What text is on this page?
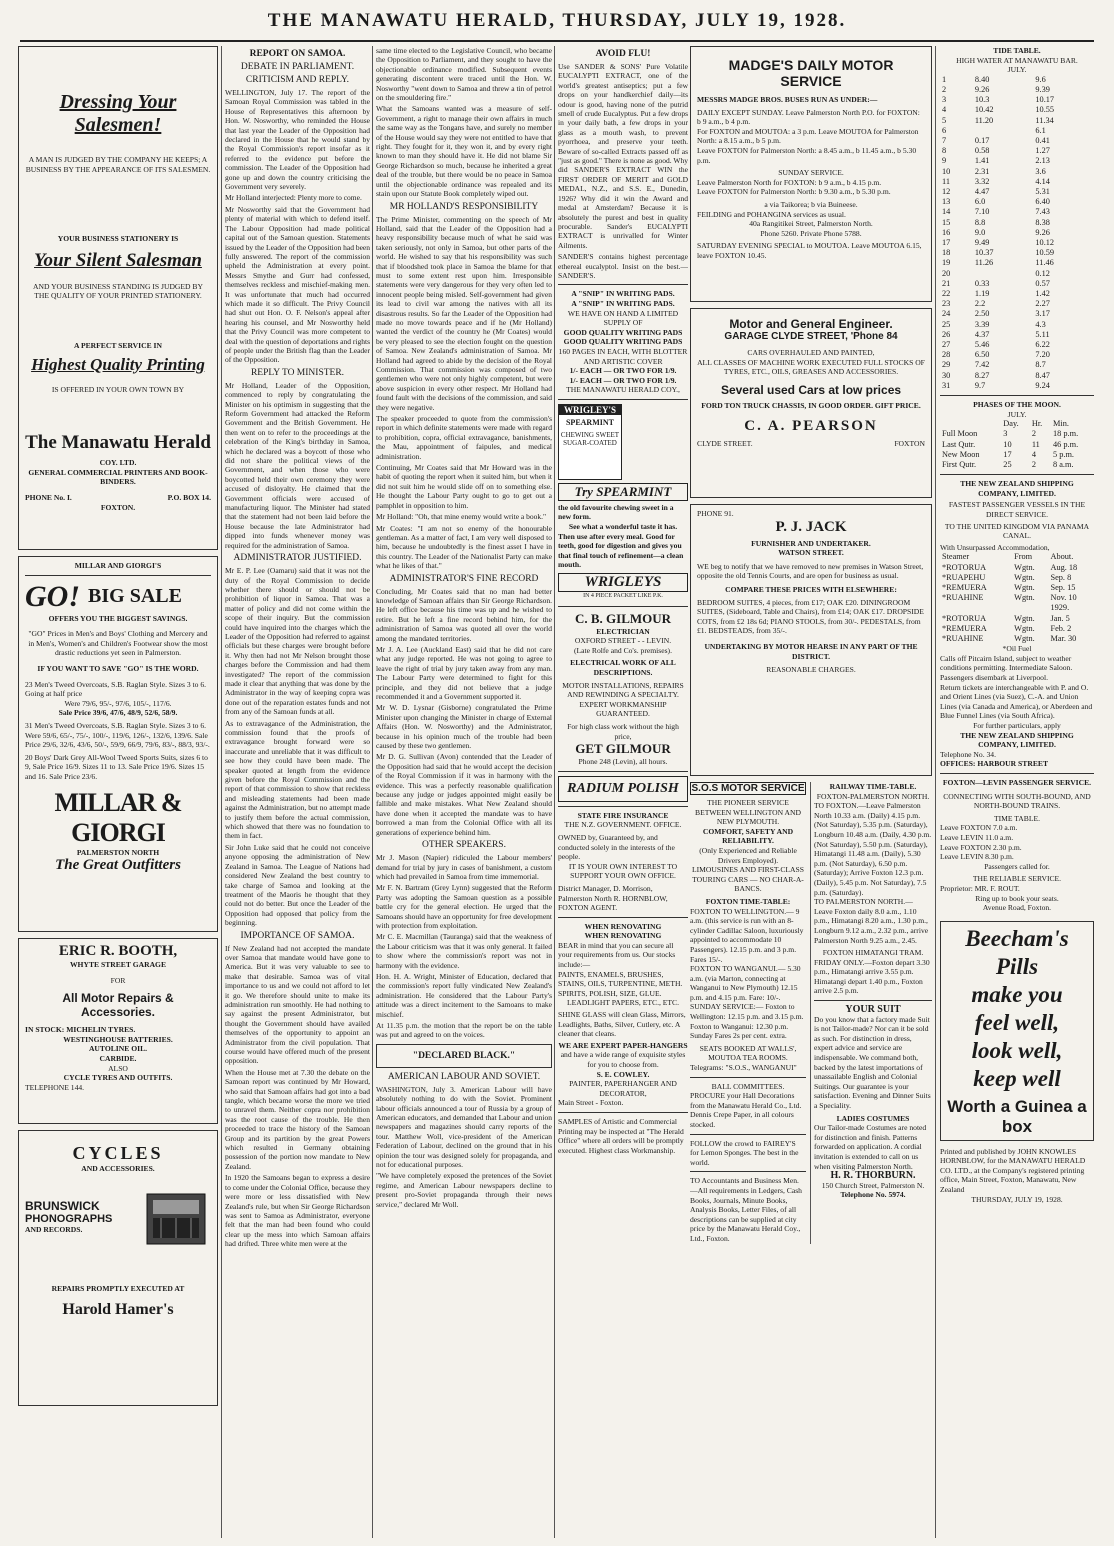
THE MANAWATU HERALD, THURSDAY, JULY 19, 1928.
Dressing Your Salesmen!
A MAN IS JUDGED BY THE COMPANY HE KEEPS; A BUSINESS BY THE APPEARANCE OF ITS SALESMEN.
YOUR BUSINESS STATIONERY IS
Your Silent Salesman
AND YOUR BUSINESS STANDING IS JUDGED BY THE QUALITY OF YOUR PRINTED STATIONERY.
A PERFECT SERVICE IN
Highest Quality Printing
IS OFFERED IN YOUR OWN TOWN BY
The Manawatu Herald
COY. LTD.
GENERAL COMMERCIAL PRINTERS AND BOOK-BINDERS.
PHONE No. I.	P.O. BOX 14.
FOXTON.
MILLAR AND GIORGI'S
GO! BIG SALE
OFFERS YOU THE BIGGEST SAVINGS.
"GO" Prices in Men's and Boys' Clothing and Mercery and in Men's, Women's and Children's Footwear show the most drastic reductions yet seen in Palmerston.
IF YOU WANT TO SAVE "GO" IS THE WORD.
23 Men's Tweed Overcoats, S.B. Raglan Style. Sizes 3 to 6. Going at half price
Were 79/6, 95/-, 97/6, 105/-, 117/6.
Sale Price 39/6, 47/6, 48/9, 52/6, 58/9.
31 Men's Tweed Overcoats, S.B. Raglan Style. Sizes 3 to 6. Were 59/6, 65/-, 75/-, 100/-, 119/6, 126/-, 132/6, 139/6. Sale Price 29/6, 32/6, 43/6, 50/-, 59/9, 66/9, 79/6, 83/-, 88/3, 93/-.
20 Boys' Dark Grey All-Wool Tweed Sports Suits, sizes 6 to 9, Sale Price 16/9. Sizes 11 to 13. Sale Price 19/6. Sizes 15 and 16. Sale Price 23/6.
MILLAR & GIORGI
PALMERSTON NORTH
The Great Outfitters
ERIC R. BOOTH,
WHYTE STREET GARAGE
FOR
All Motor Repairs & Accessories.
IN STOCK: MICHELIN TYRES.
WESTINGHOUSE BATTERIES.
AUTOLINE OIL.
CARBIDE.
ALSO
CYCLE TYRES AND OUTFITS.
TELEPHONE 144.
CYCLES
AND ACCESSORIES.
BRUNSWICK
PHONOGRAPHS
AND RECORDS.
REPAIRS PROMPTLY EXECUTED AT
Harold Hamer's
REPORT ON SAMOA.
DEBATE IN PARLIAMENT.
CRITICISM AND REPLY.

WELLINGTON, July 17. The report of the Samoan Royal Commission was tabled in the House of Representatives this afternoon by Hon. W. Nosworthy, who reminded the House that last year the Leader of the Opposition had declared in the House that he would stand by the Royal Commission's report insofar as it referred to the evidence put before the commission. The Leader of the Opposition had gone up and down the country criticising the Government very severely.

Mr Holland interjected: Plenty more to come.

Mr Nosworthy said that the Government had plenty of material with which to defend itself. The Labour Opposition had made political capital out of the Samoan question. Statements issued by the Leader of the Opposition had been fully answered. The report of the commission upheld the Administration at every point. Messrs Smythe and Gurr had confessed, themselves reckless and mischief-making men. It was unfortunate that much had occurred which made it so difficult. The Privy Council had shut out Hon. O. F. Nelson's appeal after hearing his counsel, and Mr Nosworthy held that the Privy Council was more competent to deal with the question of deportations and rights of people under the British flag than the Leader of the Opposition.

REPLY TO MINISTER.

Mr Holland, Leader of the Opposition, commenced to reply by congratulating the Minister on his optimism in suggesting that the Reform Government had attacked the Reform Government and the British Government. He then went on to refer to the proceedings at the celebration of the King's birthday in Samoa, which he declared was a boycott of those who did not share the political views of the Government, and when those who were boycotted held their own ceremony they were accused of disloyalty. He claimed that the Government officials were accused of manufacturing liquor. The Minister had stated that the statement had not been laid before the House because the late Administrator had dipped into funds whenever money was required for the administration of Samoa.

ADMINISTRATOR JUSTIFIED.

Mr E. P. Lee (Oamaru) said that it was not the duty of the Royal Commission to decide whether there should or should not be prohibition of liquor in Samoa. That was a matter of policy and did not come within the scope of their inquiry. But the commission could have inquired into the charges which the Leader of the Opposition had referred to against officials but these charges were brought before it. Why then had not Mr Nelson brought those charges before the Commission and had them investigated? The report of the commission made it clear that anything that was done by the Administrator in the way of keeping copra was done out of the reparation estates funds and not from any of the Samoan funds at all.

As to extravagance of the Administration, the commission found that the proofs of extravagance brought forward were so inaccurate and unreliable that it was difficult to see how they could have been made. The speaker quoted at length from the evidence given before the Royal Commission and the report of that commission to show that reckless and misleading statements had been made against the Administration, but no attempt made to justify them before the actual commission, which showed that there was no foundation to them in fact.

Sir John Luke said that he could not conceive anyone opposing the administration of New Zealand in Samoa. The League of Nations had considered New Zealand the best country to take charge of Samoa and looking at the treatment of the Maoris he thought that they could not do better. But once the Leader of the Opposition had opposed that policy from the beginning.

IMPORTANCE OF SAMOA.

If New Zealand had not accepted the mandate over Samoa that mandate would have gone to America. But it was very valuable to see to make that desirable. Samoa was of vital importance to us and we could not afford to let it go. We therefore should unite to make its administration run smoothly. He had nothing to say against the present Administrator, but thought the Government should have availed themselves of the opportunity to appoint an Administrator from the civil population. That course would have offered much of the present opposition.

When the House met at 7.30 the debate on the Samoan report was continued by Mr Howard, who said that Samoan affairs had got into a bad tangle, which became worse the more we tried to unravel them. Neither copra nor prohibition was the root cause of the trouble. He then proceeded to trace the history of the Samoan Group and its partition by the great Powers which resulted in Germany obtaining possession of the portion now mandate to New Zealand.

In 1920 the Samoans began to express a desire to come under the Colonial Office, because they were more or less dissatisfied with New Zealand's rule, but when Sir George Richardson was sent to Samoa as Administrator, everyone felt that the man had been found who could clear up the mess into which Samoan affairs had drifted. Three white men were at the

same time elected to the Legislative Council, who became the Opposition to Parliament, and they sought to have the objectionable ordinance modified. Subsequent events generating discontent were traced until the Hon. W. Nosworthy "went down to Samoa and threw a tin of petrol on the smouldering fire."

What the Samoans wanted was a measure of self-Government, a right to manage their own affairs in much the same way as the Tongans have, and surely no member of the House would say they were not entitled to have that right. They fought for it, they won it, and by every right known to man they should have it. He did not blame Sir George Richardson so much, because he inherited a great deal of the trouble, but there would be no peace in Samoa until the objectionable ordinance was repealed and its stain upon our Statute Book completely wiped out.

MR HOLLAND'S RESPONSIBILITY

The Prime Minister, commenting on the speech of Mr Holland, said that the Leader of the Opposition had a heavy responsibility because much of what he said was taken seriously, not only in Samoa, but other parts of the world. He wished to say that his responsibility was such that if bloodshed took place in Samoa the blame for that must to some extent rest upon him. Irresponsible statements were very dangerous for they very often led to innocent people being misled. Self-government had given its lead to civil war among the natives with all its disastrous results. So far the Leader of the Opposition had made no move towards peace and if he (Mr Holland) wanted the verdict of the country he (Mr Coates) would be very pleased to see the election fought on the question of Samoa. New Zealand's administration of Samoa. Mr Holland had agreed to abide by the decision of the Royal Commission. That commission was composed of two gentlemen who were not only highly competent, but were above suspicion in every other respect. Mr Holland had found fault with the decisions of the commission, and said they were negative.

The speaker proceeded to quote from the commission's report in which definite statements were made with regard to prohibition, copra, official extravagance, banishments, the Mau, appointment of faipules, and medical administration.

Continuing, Mr Coates said that Mr Howard was in the habit of quoting the report when it suited him, but when it did not suit him he would slide off on to something else. He thought the Labour Party ought to go to get out a pamphlet in opposition to him.

Mr Holland: "Oh, that mine enemy would write a book."

Mr Coates: "I am not so enemy of the honourable gentleman. As a matter of fact, I am very well disposed to him, because he undoubtedly is the finest asset I have in this country. The Leader of the Nationalist Party can make what he likes of that."

ADMINISTRATOR'S FINE RECORD

Concluding, Mr Coates said that no man had better knowledge of Samoan affairs than Sir George Richardson. He left office because his time was up and he wished to retire. But he left a fine record behind him, for the administration of Samoa was quoted all over the world among the mandated territories.

Mr J. A. Lee (Auckland East) said that he did not care what any judge reported. He was not going to agree to leave the right of trial by jury taken away from any man. The Labour Party were determined to fight for this principle, and they did not believe that a judge recommended it and a Government supported it.

Mr W. D. Lysnar (Gisborne) congratulated the Prime Minister upon changing the Minister in charge of External Affairs (Hon. W. Nosworthy) and the Administrator, because in his opinion much of the trouble had been caused by these two gentlemen.

Mr D. G. Sullivan (Avon) contended that the Leader of the Opposition had said that he would accept the decision of the Royal Commission if it was in harmony with the evidence. This was a perfectly reasonable qualification because any judge or judges appointed might easily be fallible and make mistakes. What New Zealand should have done when it accepted the mandate was to have borrowed a man from the Colonial Office with all its generations of experience behind him.

OTHER SPEAKERS.

Mr J. Mason (Napier) ridiculed the Labour members' demand for trial by jury in cases of banishment, a custom which had prevailed in Samoa from time immemorial.

Mr F. N. Bartram (Grey Lynn) suggested that the Reform Party was adopting the Samoan question as a possible battle cry for the general election. He urged that the Samoans should have an opportunity for free development with protection from exploitation.

Mr C. E. Macmillan (Tauranga) said that the weakness of the Labour criticism was that it was only general. It failed to show where the commission's report was not in harmony with the evidence.

Hon. H. A. Wright, Minister of Education, declared that the commission's report fully vindicated New Zealand's administration. He considered that the Labour Party's attitude was a direct incitement to the Samoans to make mischief.

At 11.35 p.m. the motion that the report be on the table was put and agreed to on the voices.

"DECLARED BLACK."
AMERICAN LABOUR AND SOVIET.

WASHINGTON, July 3. American Labour will have absolutely nothing to do with the Soviet. Prominent labour officials announced a tour of Russia by a group of American educators, and demanded that Labour and union newspapers and magazines should carry reports of the tour. Matthew Woll, vice-president of the American Federation of Labour, declined on the ground that in his opinion the tour was designed solely for propaganda, and not for educational purposes.

"We have completely exposed the pretences of the Soviet regime, and American Labour newspapers decline to present pro-Soviet propaganda through their news service," declared Mr Woll.

AVOID FLU!

Use SANDER & SONS' Pure Volatile EUCALYPTI EXTRACT, one of the world's greatest antiseptics; put a few drops on your handkerchief daily—its odour is good, having none of the putrid smell of crude Eucalyptus. Put a few drops in your daily bath, a few drops in your glass as a mouth wash, to prevent pyorrhoea, and preserve your teeth. Beware of so-called Extracts passed off as "just as good." There is none as good. Why did SANDER'S EXTRACT WIN the FIRST ORDER OF MERIT and GOLD MEDAL, N.Z., and S.S. E., Dunedin, 1926? Why did it win the Award and medal at Amsterdam? Because it is absolutely the purest and best in quality procurable. Sander's EUCALYPTI EXTRACT is unrivalled for Winter Ailments.

SANDER'S contains highest percentage ethereal eucalyptol. Insist on the best.—SANDER'S.

A "SNIP" IN WRITING PADS.
A "SNIP" IN WRITING PADS.
WE HAVE ON HAND A LIMITED SUPPLY OF
GOOD QUALITY WRITING PADS
GOOD QUALITY WRITING PADS
160 PAGES IN EACH, WITH BLOTTER AND ARTISTIC COVER
1/- EACH — OR TWO FOR 1/9.
1/- EACH — OR TWO FOR 1/9.
THE MANAWATU HERALD COY.,
WRIGLEY'S
SPEARMINT
CHEWING SWEET SUGAR-COATED
Try SPEARMINT
the old favourite chewing sweet in a new form.
See what a wonderful taste it has.
Then use after every meal. Good for teeth, good for digestion and gives you that final touch of refinement—a clean mouth.
WRIGLEYS
IN 4 PIECE PACKET LIKE P.K.
C. B. GILMOUR
ELECTRICIAN
OXFORD STREET - - LEVIN.
(Late Rolfe and Co's. premises).
ELECTRICAL WORK OF ALL DESCRIPTIONS.
MOTOR INSTALLATIONS, REPAIRS AND REWINDING A SPECIALTY.
EXPERT WORKMANSHIP GUARANTEED.
For high class work without the high price,
GET GILMOUR
Phone 248 (Levin), all hours.
RADIUM POLISH
STATE FIRE INSURANCE
THE N.Z. GOVERNMENT. OFFICE.
OWNED by, Guaranteed by, and conducted solely in the interests of the people.
IT IS YOUR OWN INTEREST TO SUPPORT YOUR OWN OFFICE.
District Manager, D. Morrison, Palmerston North R. HORNBLOW, FOXTON AGENT.
WHEN RENOVATING
WHEN RENOVATING
BEAR in mind that you can secure all your requirements from us. Our stocks include:—
PAINTS, ENAMELS, BRUSHES, STAINS, OILS, TURPENTINE, METH. SPIRITS, POLISH, SIZE, GLUE.
LEADLIGHT PAPERS, ETC., ETC.
SHINE GLASS will clean Glass, Mirrors, Leadlights, Baths, Silver, Cutlery, etc. A cleaner that cleans.
WE ARE EXPERT PAPER-HANGERS
and have a wide range of exquisite styles for you to choose from.
S. E. COWLEY.
PAINTER, PAPERHANGER AND DECORATOR,
Main Street - Foxton.
SAMPLES of Artistic and Commercial Printing may be inspected at "The Herald Office" where all orders will be promptly executed. Highest class Workmanship.
MADGE'S DAILY MOTOR SERVICE
MESSRS MADGE BROS. BUSES RUN AS UNDER:—
DAILY EXCEPT SUNDAY. Leave Palmerston North P.O. for FOXTON: b 9 a.m., b 4 p.m.
For FOXTON and MOUTOA: a 3 p.m. Leave MOUTOA for Palmerston North: a 8.15 a.m., b 5 p.m.
Leave FOXTON for Palmerston North: a 8.45 a.m., b 11.45 a.m., b 5.30 p.m.
SUNDAY SERVICE.
Leave Palmerston North for FOXTON: b 9 a.m., b 4.15 p.m.
Leave FOXTON for Palmerston North: b 9.30 a.m., b 5.30 p.m.
a via Taikorea; b via Buineese.
FEILDING and POHANGINA services as usual.
40a Rangitikei Street, Palmerston North.
Phone 5260. Private Phone 5788.
SATURDAY EVENING SPECIAL to MOUTOA. Leave MOUTOA 6.15, leave FOXTON 10.45.
Motor and General Engineer.
GARAGE CLYDE STREET, 'Phone 84
CARS OVERHAULED AND PAINTED,
ALL CLASSES OF MACHINE WORK EXECUTED FULL STOCKS OF TYRES, ETC., OILS, GREASES AND ACCESSORIES.
Several used Cars at low prices
FORD TON TRUCK CHASSIS, IN GOOD ORDER. GIFT PRICE.
C. A. PEARSON
CLYDE STREET.	FOXTON
PHONE 91.
P. J. JACK
FURNISHER AND UNDERTAKER.
WATSON STREET.
WE beg to notify that we have removed to new premises in Watson Street, opposite the old Tennis Courts, and are open for business as usual.
COMPARE THESE PRICES WITH ELSEWHERE:
BEDROOM SUITES, 4 pieces, from £17; OAK £20. DININGROOM SUITES, (Sideboard, Table and Chairs), from £14; OAK £17. DROPSIDE COTS, from £2 18s 6d; PIANO STOOLS, from 30/-. PEDESTALS, from £1. BEDSTEADS, from 35/-.
UNDERTAKING BY MOTOR HEARSE IN ANY PART OF THE DISTRICT.
REASONABLE CHARGES.
S.O.S MOTOR SERVICE
THE PIONEER SERVICE BETWEEN WELLINGTON AND NEW PLYMOUTH.
COMFORT, SAFETY AND RELIABILITY.
(Only Experienced and Reliable Drivers Employed).
LIMOUSINES AND FIRST-CLASS TOURING CARS — NO CHAR-A-BANCS.
FOXTON TIME-TABLE:
FOXTON TO WELLINGTON.— 9 a.m. (this service is run with an 8-cylinder Cadillac Saloon, luxuriously appointed to accommodate 10 Passengers). 12.15 p.m. and 3 p.m. Fares 15/-.
FOXTON TO WANGANUI.— 5.30 a.m. (via Marton, connecting at Wanganui to New Plymouth) 12.15 p.m. and 4.15 p.m. Fare: 10/-.
SUNDAY SERVICE:— Foxton to Wellington: 12.15 p.m. and 3.15 p.m. Foxton to Wanganui: 12.30 p.m. Sunday Fares 2s per cent. extra.
SEATS BOOKED AT WALLS', MOUTOA TEA ROOMS.
Telegrams: "S.O.S., WANGANUI"
BALL COMMITTEES.
PROCURE your Hall Decorations from the Manawatu Herald Co., Ltd. Dennis Crepe Paper, in all colours stocked.
FOLLOW the crowd to FAIREY'S for Lemon Sponges. The best in the world.
TO Accountants and Business Men. —All requirements in Ledgers, Cash Books, Journals, Minute Books, Analysis Books, Letter Files, of all descriptions can be supplied at city price by the Manawatu Herald Coy., Ltd., Foxton.
RAILWAY TIME-TABLE.
FOXTON-PALMERSTON NORTH.
TO FOXTON.—Leave Palmerston North 10.33 a.m. (Daily) 4.15 p.m. (Not Saturday), 5.35 p.m. (Saturday), Longburn 10.48 a.m. (Daily, 4.30 p.m. (Not Saturday), 5.50 p.m. (Saturday), Himatangi 11.48 a.m. (Daily), 5.30 p.m. (Not Saturday), 6.50 p.m. (Saturday); Arrive Foxton 12.3 p.m. (Daily), 5.45 p.m. Not Saturday), 7.5 p.m. (Saturday).
TO PALMERSTON NORTH.— Leave Foxton daily 8.0 a.m., 1.10 p.m., Himatangi 8.20 a.m., 1.30 p.m., Longburn 9.12 a.m., 2.32 p.m., arrive Palmerston North 9.25 a.m., 2.45.
FOXTON HIMATANGI TRAM.
FRIDAY ONLY.—Foxton depart 3.30 p.m., Himatangi arrive 3.55 p.m. Himatangi depart 1.40 p.m., Foxton arrive 2.5 p.m.
YOUR SUIT
Do you know that a factory made Suit is not Tailor-made? Nor can it be sold as such. For distinction in dress, expert advice and service are indispensable. We command both, backed by the latest importations of unassailable English and Colonial Suitings. Our guarantee is your satisfaction. Evening and Dinner Suits a Speciality.
LADIES COSTUMES
Our Tailor-made Costumes are noted for distinction and finish. Patterns forwarded on application. A cordial invitation is extended to call on us when visiting Palmerston North.
H. R. THORBURN.
150 Church Street, Palmerston N.
Telephone No. 5974.
TIDE TABLE.
HIGH WATER AT MANAWATU BAR.
JULY.
1	8.40	9.6
2	9.26	9.39
3	10.3	10.17
4	10.42	10.55
5	11.20	11.34
6		6.1
7	0.17	0.41
8	0.58	1.27
9	1.41	2.13
10	2.31	3.6
11	3.32	4.14
12	4.47	5.31
13	6.0	6.40
14	7.10	7.43
15	8.8	8.38
16	9.0	9.26
17	9.49	10.12
18	10.37	10.59
19	11.26	11.46
20		0.12
21	0.33	0.57
22	1.19	1.42
23	2.2	2.27
24	2.50	3.17
25	3.39	4.3
26	4.37	5.11
27	5.46	6.22
28	6.50	7.20
29	7.42	8.7
30	8.27	8.47
31	9.7	9.24
PHASES OF THE MOON.
JULY.
	Day.	Hr.	Min.
Full Moon	3	2	18 p.m.
Last Qutr.	10	11	46 p.m.
New Moon	17	4	5 p.m.
First Qutr.	25	2	8 a.m.
THE NEW ZEALAND SHIPPING COMPANY, LIMITED.
FASTEST PASSENGER VESSELS IN THE DIRECT SERVICE.
TO THE UNITED KINGDOM VIA PANAMA CANAL.
With Unsurpassed Accommodation,
Steamer	From	About.
*ROTORUA	Wgtn.	Aug. 18
*RUAPEHU	Wgtn.	Sep. 8
*REMUERA	Wgtn.	Sep. 15
*RUAHINE	Wgtn.	Nov. 10
		1929.
*ROTORUA	Wgtn.	Jan. 5
*REMUERA	Wgtn.	Feb. 2
*RUAHINE	Wgtn.	Mar. 30
*Oil Fuel
Calls off Pitcairn Island, subject to weather conditions permitting. Intermediate Saloon. Passengers disembark at Liverpool.
Return tickets are interchangeable with P. and O. and Orient Lines (via Suez), C.-A. and Union Lines (via Canada and America), or Aberdeen and Blue Funnel Lines (via South Africa).
For further particulars, apply
THE NEW ZEALAND SHIPPING COMPANY, LIMITED.
Telephone No. 34.
OFFICES: HARBOUR STREET
FOXTON—LEVIN PASSENGER SERVICE.
CONNECTING WITH SOUTH-BOUND, AND NORTH-BOUND TRAINS.
TIME TABLE.
Leave FOXTON 7.0 a.m.
Leave LEVIN 11.0 a.m.
Leave FOXTON 2.30 p.m.
Leave LEVIN 8.30 p.m.
Passengers called for.
THE RELIABLE SERVICE.
Proprietor: MR. F. ROUT.
Ring up to book your seats.
Avenue Road, Foxton.
Beecham's
Pills
make you
feel well,
look well,
keep well
Worth a Guinea a box
Printed and published by JOHN KNOWLES HORNBLOW, for the MANAWATU HERALD CO. LTD., at the Company's registered printing office, Main Street, Foxton, Manawatu, New Zealand
THURSDAY, JULY 19, 1928.
